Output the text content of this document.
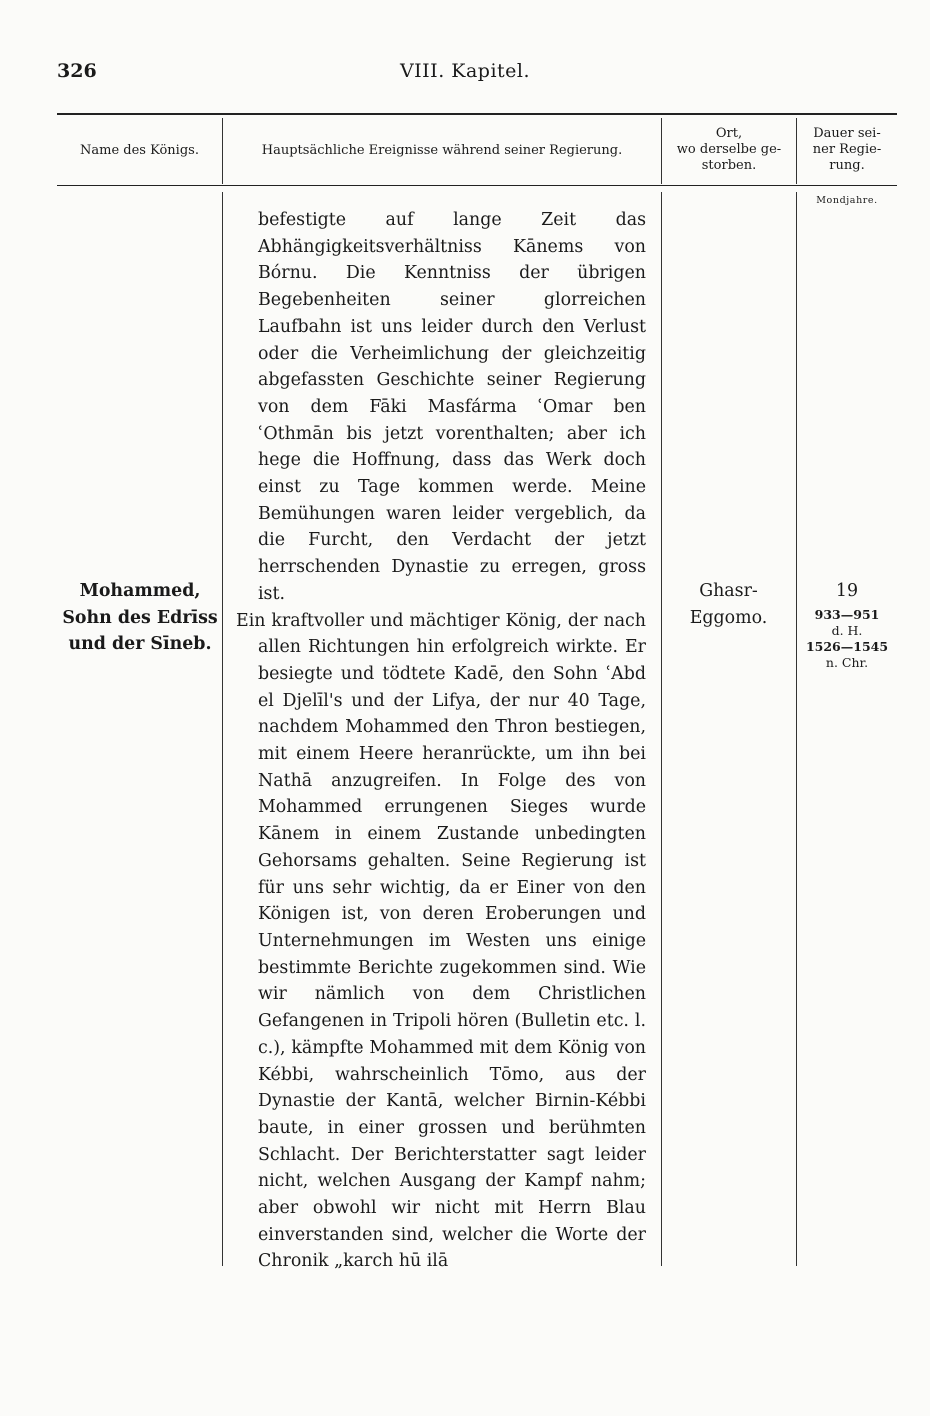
326	VIII. Kapitel.
Name des Königs.	Hauptsächliche Ereignisse während seiner Regierung.
Ort,
wo derselbe ge-
storben.
Dauer sei-
ner Regie-
rung.
Mondjahre.

befestigte auf lange Zeit das Abhängigkeitsverhältniss Kānems von Bórnu. Die Kenntniss der übrigen Begebenheiten seiner glorreichen Laufbahn ist uns leider durch den Verlust oder die Verheimlichung der gleichzeitig abgefassten Geschichte seiner Regierung von dem Fāki Masfárma ʿOmar ben ʿOthmān bis jetzt vorenthalten; aber ich hege die Hoffnung, dass das Werk doch einst zu Tage kommen werde. Meine Bemühungen waren leider vergeblich, da die Furcht, den Verdacht der jetzt herrschenden Dynastie zu erregen, gross ist.

Ein kraftvoller und mächtiger König, der nach allen Richtungen hin erfolgreich wirkte. Er besiegte und tödtete Kadē, den Sohn ʿAbd el Djelīl's und der Lifya, der nur 40 Tage, nachdem Mohammed den Thron bestiegen, mit einem Heere heranrückte, um ihn bei Nathā anzugreifen. In Folge des von Mohammed errungenen Sieges wurde Kānem in einem Zustande unbedingten Gehorsams gehalten. Seine Regierung ist für uns sehr wichtig, da er Einer von den Königen ist, von deren Eroberungen und Unternehmungen im Westen uns einige bestimmte Berichte zugekommen sind. Wie wir nämlich von dem Christlichen Gefangenen in Tripoli hören (Bulletin etc. l. c.), kämpfte Mohammed mit dem König von Kébbi, wahrscheinlich Tōmo, aus der Dynastie der Kantā, welcher Birnin-Kébbi baute, in einer grossen und berühmten Schlacht. Der Berichterstatter sagt leider nicht, welchen Ausgang der Kampf nahm; aber obwohl wir nicht mit Herrn Blau einverstanden sind, welcher die Worte der Chronik „karch hū ilā

Mohammed,
Sohn des Edrīss
und der Sīneb.
Ghasr-Eggomo.
19
933—951
d. H.
1526—1545
n. Chr.
